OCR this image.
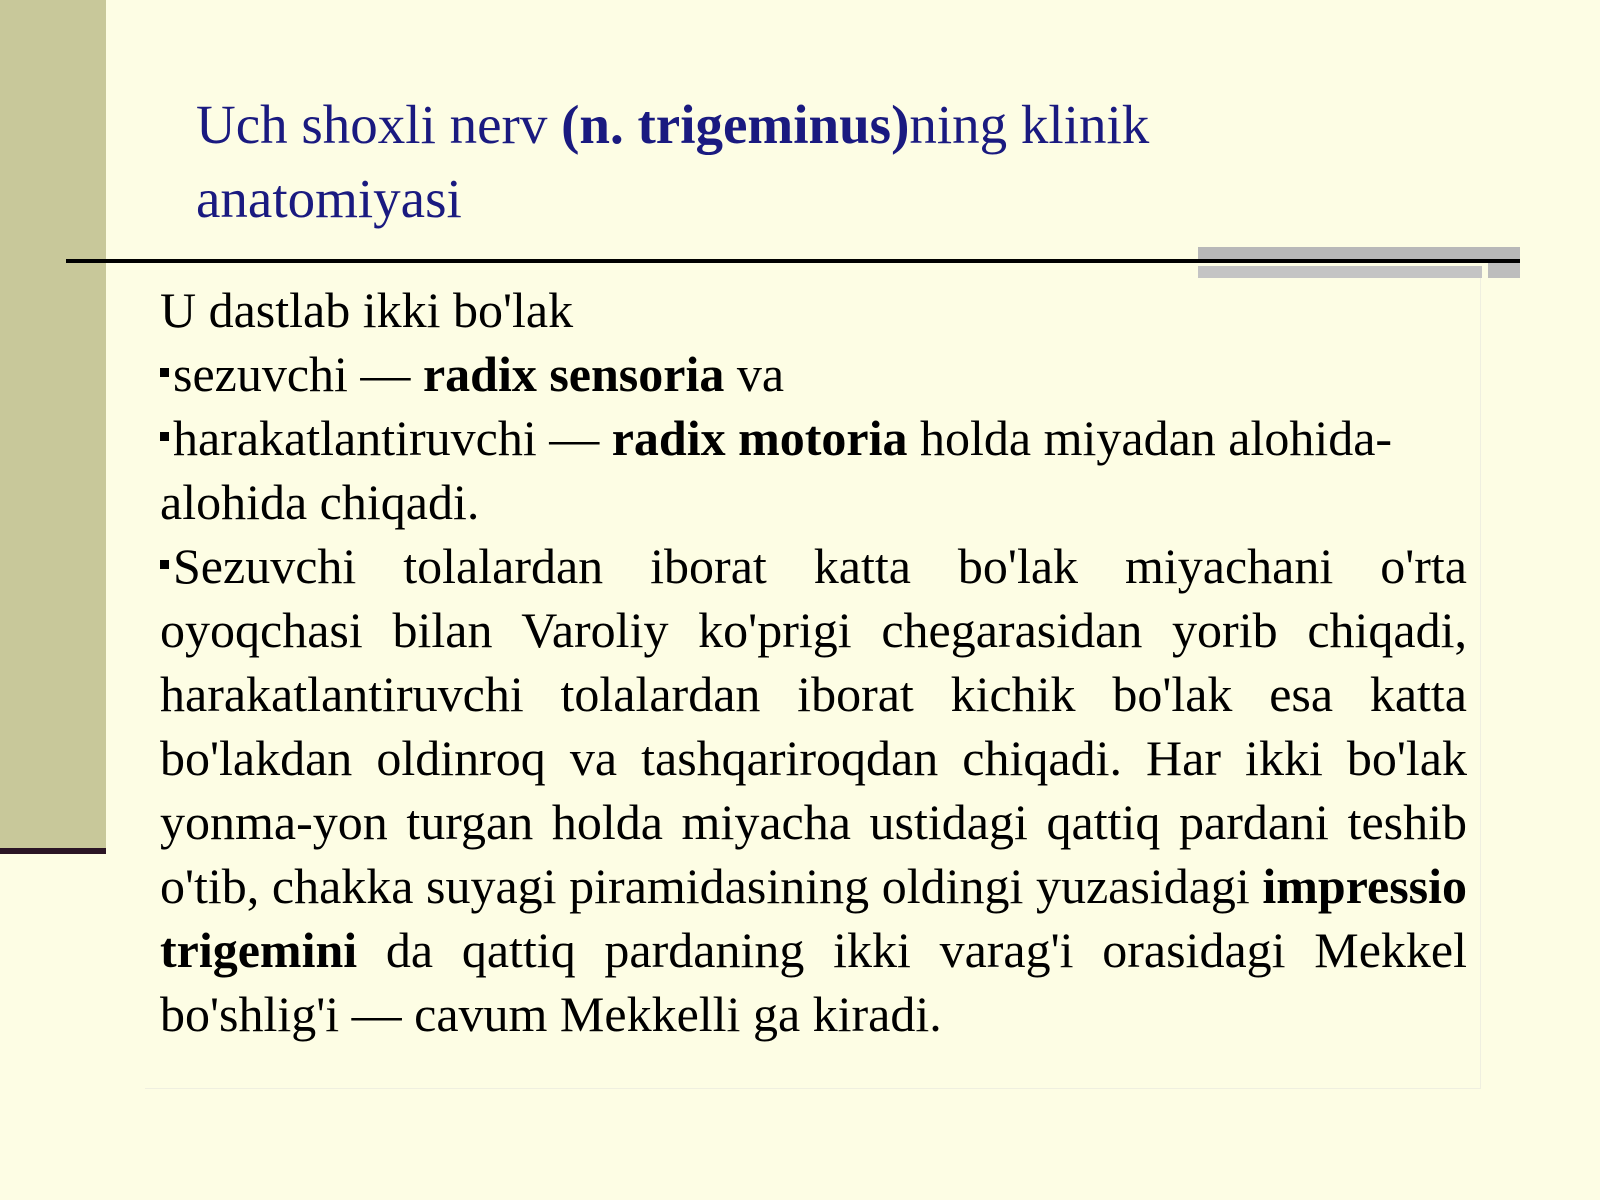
Uch shoxli nerv (n. trigeminus)ning klinik anatomiyasi

U dastlab ikki bo'lak

sezuvchi — radix sensoria va

harakatlantiruvchi — radix motoria holda miyadan alohida-alohida chiqadi.

Sezuvchi tolalardan iborat katta bo'lak miyachani o'rta oyoqchasi bilan Varoliy ko'prigi chegarasidan yorib chiqadi, harakatlantiruvchi tolalardan iborat kichik bo'lak esa katta bo'lakdan oldinroq va tashqariroqdan chiqadi. Har ikki bo'lak yonma-yon turgan holda miyacha ustidagi qattiq pardani teshib o'tib, chakka suyagi piramidasining oldingi yuzasidagi impressio trigemini da qattiq pardaning ikki varag'i orasidagi Mekkel bo'shlig'i — cavum Mekkelli ga kiradi.
